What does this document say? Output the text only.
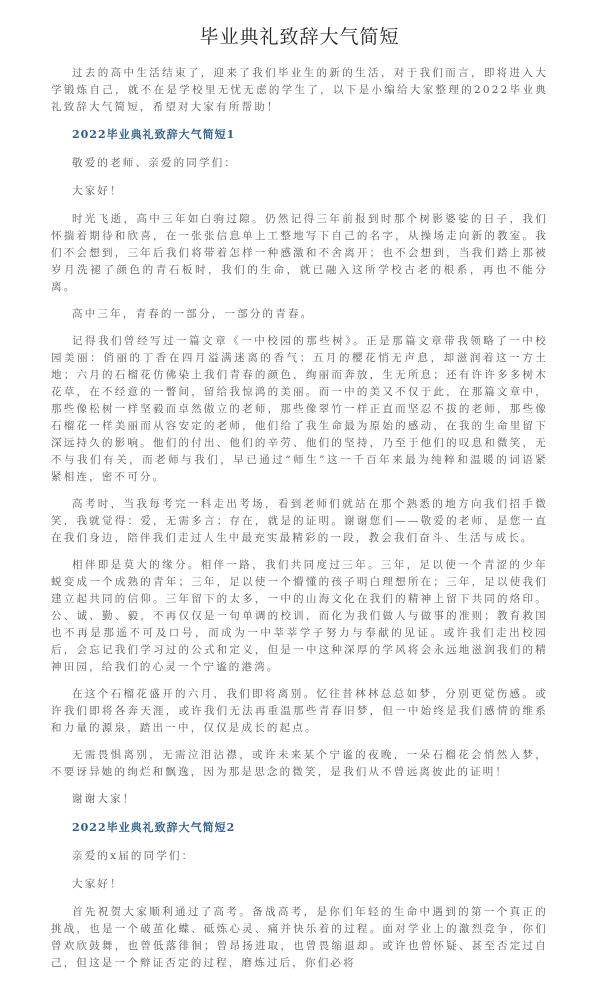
毕业典礼致辞大气简短

过去的高中生活结束了，迎来了我们毕业生的新的生活，对于我们而言，即将进入大学锻炼自己，就不在是学校里无忧无虑的学生了，以下是小编给大家整理的2022毕业典礼致辞大气简短，希望对大家有所帮助！

2022毕业典礼致辞大气简短1

敬爱的老师、亲爱的同学们：

大家好！

时光飞逝，高中三年如白驹过隙。仍然记得三年前报到时那个树影婆娑的日子，我们怀揣着期待和欣喜，在一张张信息单上工整地写下自己的名字，从操场走向新的教室。我们不会想到，三年后我们将带着怎样一种感激和不舍离开；也不会想到，当我们踏上那被岁月洗褪了颜色的青石板时，我们的生命，就已融入这所学校古老的根系，再也不能分离。

高中三年，青春的一部分，一部分的青春。

记得我们曾经写过一篇文章《一中校园的那些树》。正是那篇文章带我领略了一中校园美丽：俏丽的丁香在四月溢满迷离的香气；五月的樱花悄无声息，却滋润着这一方土地；六月的石榴花仿佛染上我们青春的颜色，绚丽而奔放，生无所息；还有许许多多树木花草，在不经意的一瞥间，留给我惊鸿的美丽。而一中的美又不仅于此，在那篇文章中，那些像松树一样坚毅而卓然傲立的老师，那些像翠竹一样正直而坚忍不拔的老师，那些像石榴花一样美丽而从容安定的老师，他们给了我生命最为原始的感动，在我的生命里留下深远持久的影响。他们的付出、他们的辛劳、他们的坚持，乃至于他们的叹息和微笑，无不与我们有关，而老师与我们，早已通过“师生”这一千百年来最为纯粹和温暖的词语紧紧相连，密不可分。

高考时，当我每考完一科走出考场，看到老师们就站在那个熟悉的地方向我们招手微笑，我就觉得：爱，无需多言；存在，就是的证明。谢谢您们——敬爱的老师，是您一直在我们身边，陪伴我们走过人生中最充实最精彩的一段，教会我们奋斗、生活与成长。

相伴即是莫大的缘分。相伴一路，我们共同度过三年。三年，足以使一个青涩的少年蜕变成一个成熟的青年；三年，足以使一个懵懂的孩子明白理想所在；三年，足以使我们建立起共同的信仰。三年留下的太多，一中的山海文化在我们的精神上留下共同的烙印。公、诚、勤、毅，不再仅仅是一句单调的校训，而化为我们做人与做事的准则；教育救国也不再是那遥不可及口号，而成为一中莘莘学子努力与奉献的见证。或许我们走出校园后，会忘记我们学习过的公式和定义，但是一中这种深厚的学风将会永远地滋润我们的精神田园，给我们的心灵一个宁谧的港湾。

在这个石榴花盛开的六月，我们即将离别。忆往昔林林总总如梦，分别更觉伤感。或许我们即将各奔天涯，或许我们无法再重温那些青春旧梦，但一中始终是我们感情的维系和力量的源泉，踏出一中，仅仅是成长的起点。

无需畏惧离别，无需泣泪沾襟，或许未来某个宁谧的夜晚，一朵石榴花会悄然入梦，不要讶异她的绚烂和飘逸，因为那是思念的微笑，是我们从不曾远离彼此的证明！

谢谢大家！

2022毕业典礼致辞大气简短2

亲爱的x届的同学们：

大家好！

首先祝贺大家顺利通过了高考。备战高考，是你们年轻的生命中遇到的第一个真正的挑战，也是一个破茧化蝶、砥炼心灵、痛并快乐着的过程。面对学业上的激烈竞争，你们曾欢欣鼓舞，也曾低落徘徊；曾昂扬进取，也曾畏缩退却。或许也曾怀疑、甚至否定过自己，但这是一个辩证否定的过程，磨炼过后，你们必将
